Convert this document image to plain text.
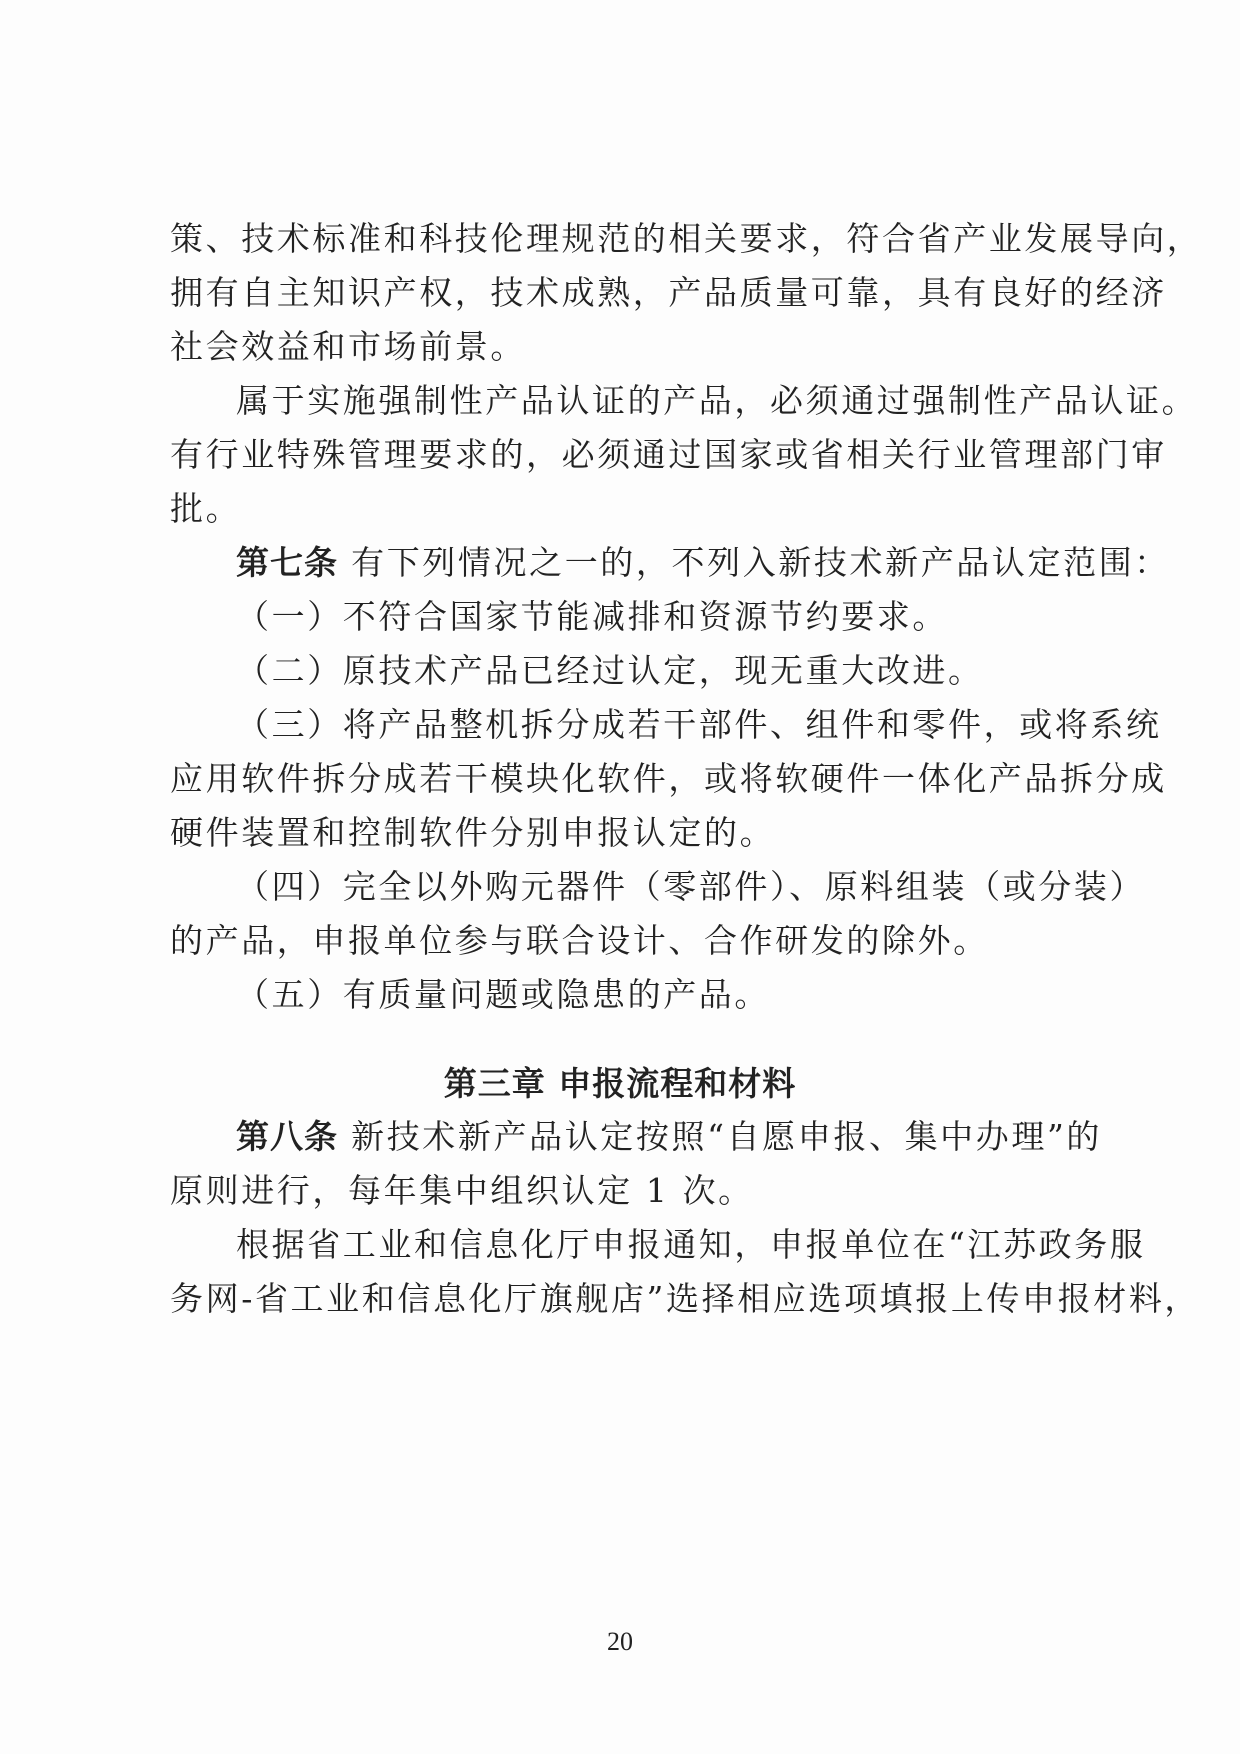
策、技术标准和科技伦理规范的相关要求，符合省产业发展导向，
拥有自主知识产权，技术成熟，产品质量可靠，具有良好的经济
社会效益和市场前景。
属于实施强制性产品认证的产品，必须通过强制性产品认证。
有行业特殊管理要求的，必须通过国家或省相关行业管理部门审
批。
第七条 有下列情况之一的，不列入新技术新产品认定范围：
（一）不符合国家节能减排和资源节约要求。
（二）原技术产品已经过认定，现无重大改进。
（三）将产品整机拆分成若干部件、组件和零件，或将系统
应用软件拆分成若干模块化软件，或将软硬件一体化产品拆分成
硬件装置和控制软件分别申报认定的。
（四）完全以外购元器件（零部件）、原料组装（或分装）
的产品，申报单位参与联合设计、合作研发的除外。
（五）有质量问题或隐患的产品。
第三章 申报流程和材料
第八条 新技术新产品认定按照“自愿申报、集中办理”的
原则进行，每年集中组织认定 1 次。
根据省工业和信息化厅申报通知，申报单位在“江苏政务服
务网-省工业和信息化厅旗舰店”选择相应选项填报上传申报材料，
20
